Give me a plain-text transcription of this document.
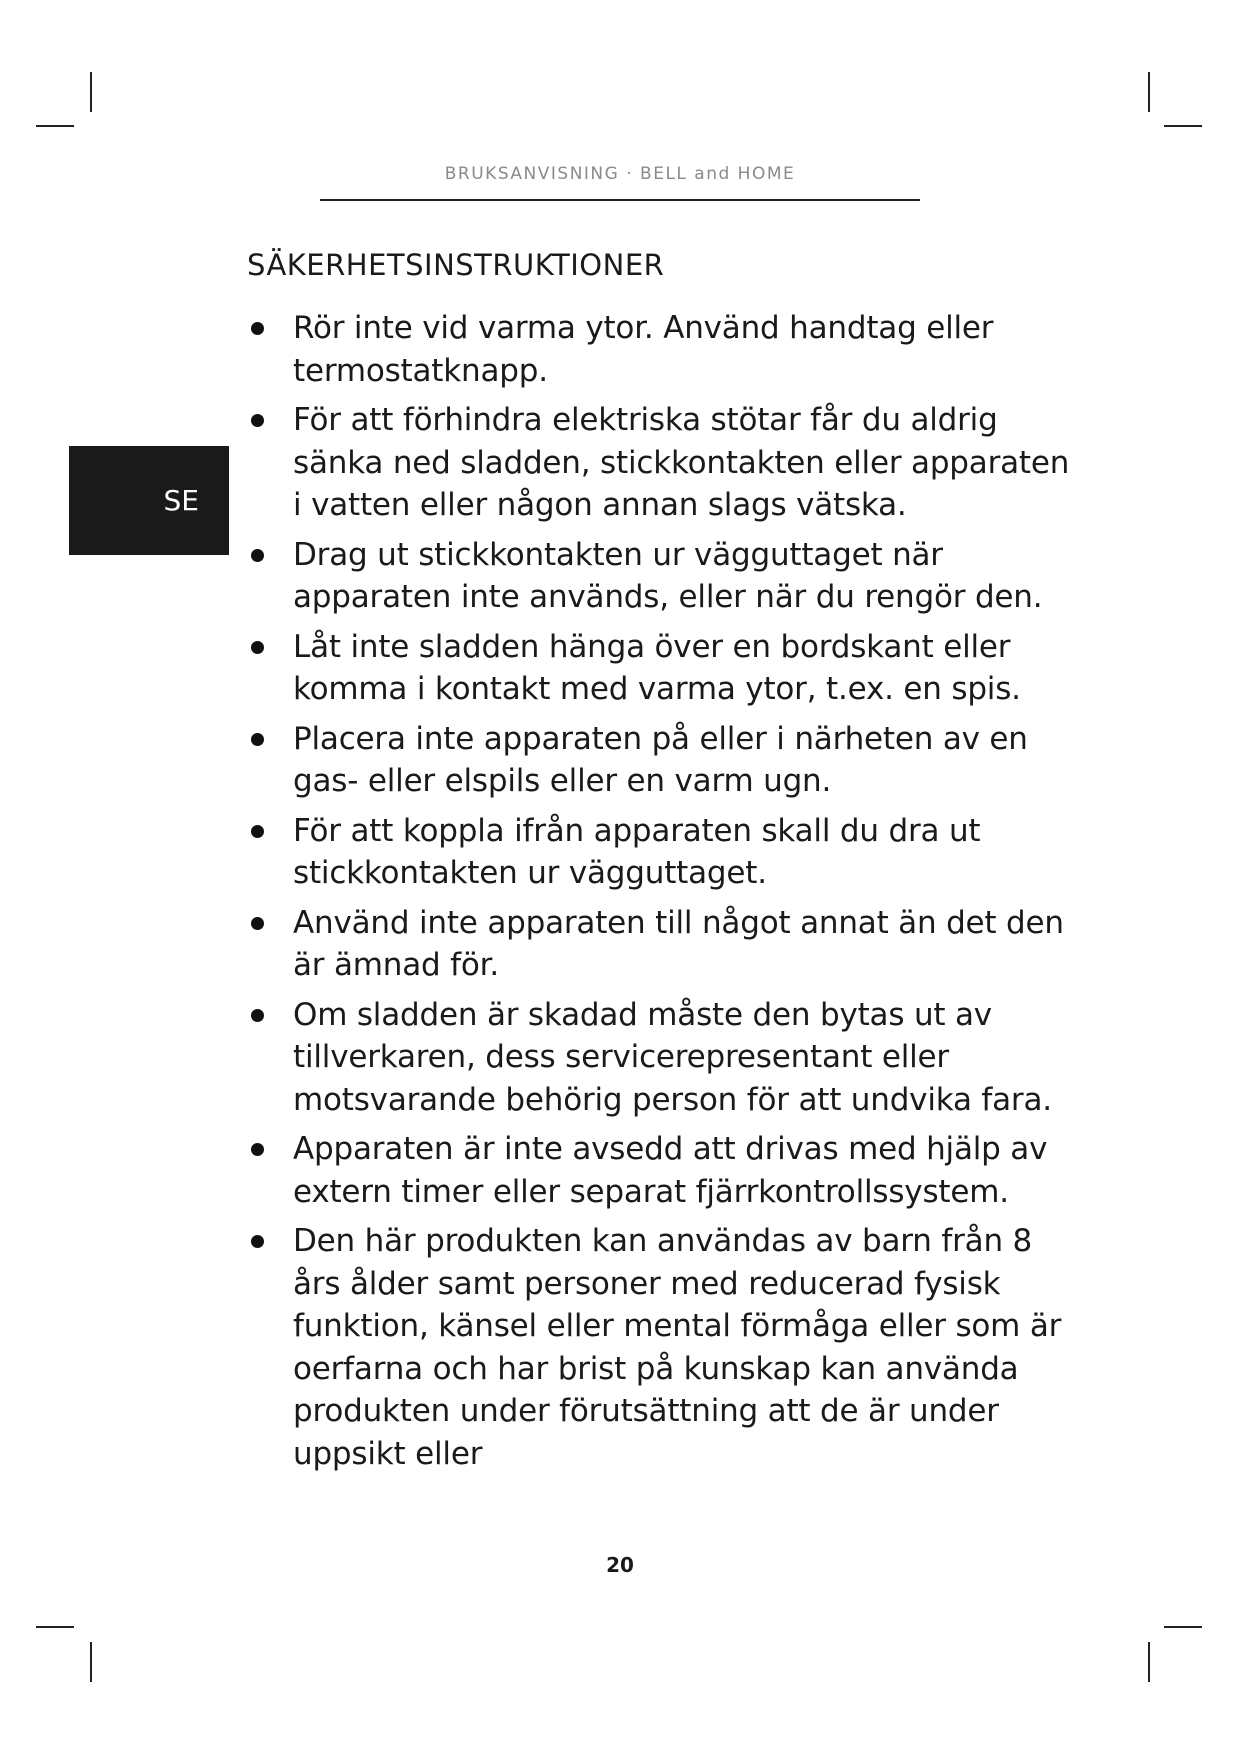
BRUKSANVISNING · BELL and HOME
SE
SÄKERHETSINSTRUKTIONER
Rör inte vid varma ytor. Använd handtag eller termostatknapp.
För att förhindra elektriska stötar får du aldrig sänka ned sladden, stickkontakten eller apparaten i vatten eller någon annan slags vätska.
Drag ut stickkontakten ur vägguttaget när apparaten inte används, eller när du rengör den.
Låt inte sladden hänga över en bordskant eller komma i kontakt med varma ytor, t.ex. en spis.
Placera inte apparaten på eller i närheten av en gas- eller elspils eller en varm ugn.
För att koppla ifrån apparaten skall du dra ut stickkontakten ur vägguttaget.
Använd inte apparaten till något annat än det den är ämnad för.
Om sladden är skadad måste den bytas ut av tillverkaren, dess servicerepresentant eller motsvarande behörig person för att undvika fara.
Apparaten är inte avsedd att drivas med hjälp av extern timer eller separat fjärrkontrollssystem.
Den här produkten kan användas av barn från 8 års ålder samt personer med reducerad fysisk funktion, känsel eller mental förmåga eller som är oerfarna och har brist på kunskap kan använda produkten under förutsättning att de är under uppsikt eller
20
